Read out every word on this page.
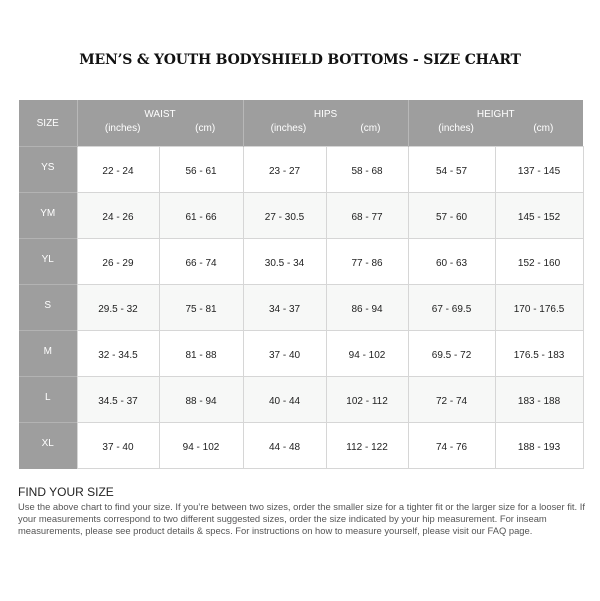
MEN’S & YOUTH BODYSHIELD BOTTOMS - SIZE CHART
SIZE	WAIST
(inches) (cm)		HIPS
(inches) (cm)		HEIGHT
(inches) (cm)	

YS	22 - 24	56 - 61	23 - 27	58 - 68	54 - 57	137 - 145
YM	24 - 26	61 - 66	27 - 30.5	68 - 77	57 - 60	145 - 152
YL	26 - 29	66 - 74	30.5 - 34	77 - 86	60 - 63	152 - 160
S	29.5 - 32	75 - 81	34 - 37	86 - 94	67 - 69.5	170 - 176.5
M	32 - 34.5	81 - 88	37 - 40	94 - 102	69.5 - 72	176.5 - 183
L	34.5 - 37	88 - 94	40 - 44	102 - 112	72 - 74	183 - 188
XL	37 - 40	94 - 102	44 - 48	112 - 122	74 - 76	188 - 193
FIND YOUR SIZE
Use the above chart to find your size. If you’re between two sizes, order the smaller size for a tighter fit or the larger size for a looser fit. If your measurements correspond to two different suggested sizes, order the size indicated by your hip measurement. For inseam measurements, please see product details & specs. For instructions on how to measure yourself, please visit our FAQ page.
